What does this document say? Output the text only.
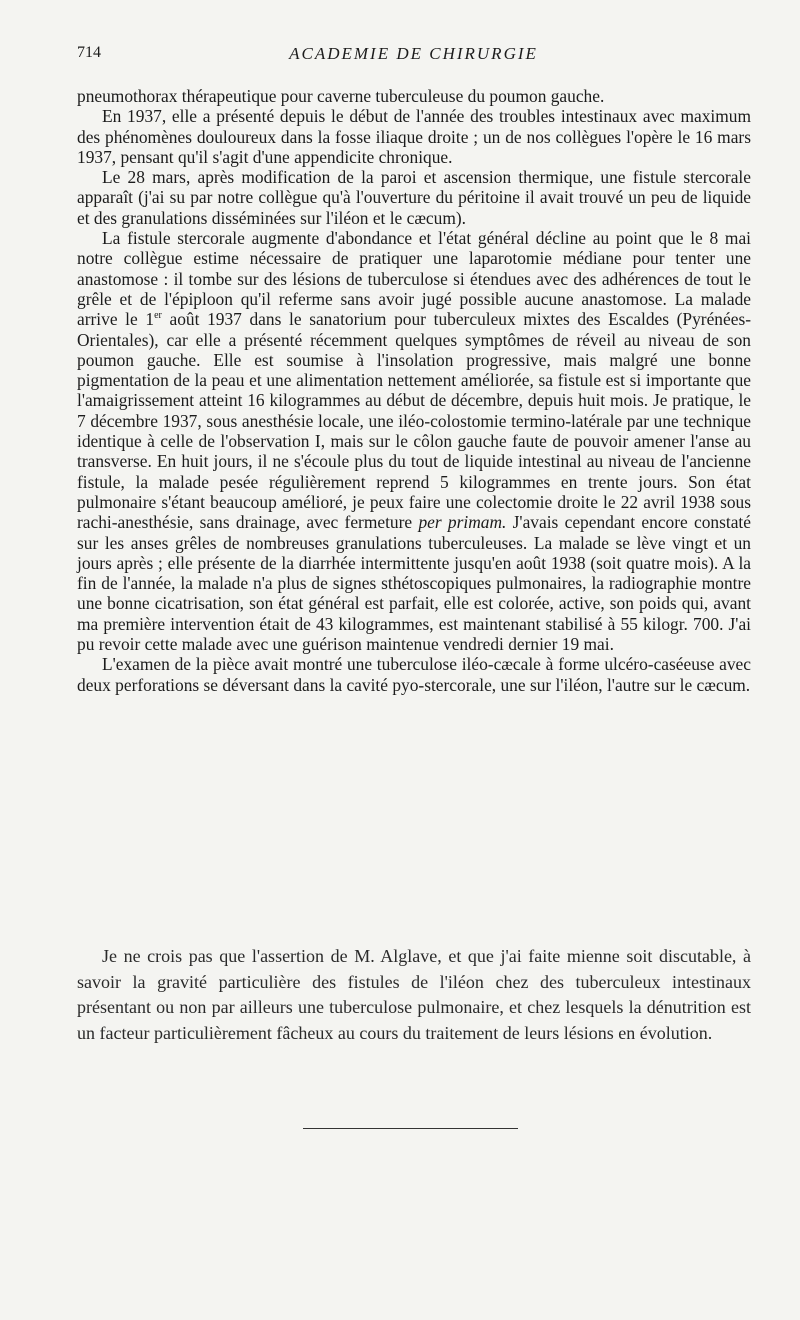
714	ACADEMIE DE CHIRURGIE

pneumothorax thérapeutique pour caverne tuberculeuse du poumon gauche.

En 1937, elle a présenté depuis le début de l'année des troubles intestinaux avec maximum des phénomènes douloureux dans la fosse iliaque droite ; un de nos collègues l'opère le 16 mars 1937, pensant qu'il s'agit d'une appendicite chronique.

Le 28 mars, après modification de la paroi et ascension thermique, une fistule stercorale apparaît (j'ai su par notre collègue qu'à l'ouverture du péritoine il avait trouvé un peu de liquide et des granulations disséminées sur l'iléon et le cæcum).

La fistule stercorale augmente d'abondance et l'état général décline au point que le 8 mai notre collègue estime nécessaire de pratiquer une laparotomie médiane pour tenter une anastomose : il tombe sur des lésions de tuberculose si étendues avec des adhérences de tout le grêle et de l'épiploon qu'il referme sans avoir jugé possible aucune anastomose. La malade arrive le 1er août 1937 dans le sanatorium pour tuberculeux mixtes des Escaldes (Pyrénées-Orientales), car elle a présenté récemment quelques symptômes de réveil au niveau de son poumon gauche. Elle est soumise à l'insolation progressive, mais malgré une bonne pigmentation de la peau et une alimentation nettement améliorée, sa fistule est si importante que l'amaigrissement atteint 16 kilogrammes au début de décembre, depuis huit mois. Je pratique, le 7 décembre 1937, sous anesthésie locale, une iléo-colostomie termino-latérale par une technique identique à celle de l'observation I, mais sur le côlon gauche faute de pouvoir amener l'anse au transverse. En huit jours, il ne s'écoule plus du tout de liquide intestinal au niveau de l'ancienne fistule, la malade pesée régulièrement reprend 5 kilogrammes en trente jours. Son état pulmonaire s'étant beaucoup amélioré, je peux faire une colectomie droite le 22 avril 1938 sous rachi-anesthésie, sans drainage, avec fermeture per primam. J'avais cependant encore constaté sur les anses grêles de nombreuses granulations tuberculeuses. La malade se lève vingt et un jours après ; elle présente de la diarrhée intermittente jusqu'en août 1938 (soit quatre mois). A la fin de l'année, la malade n'a plus de signes sthétoscopiques pulmonaires, la radiographie montre une bonne cicatrisation, son état général est parfait, elle est colorée, active, son poids qui, avant ma première intervention était de 43 kilogrammes, est maintenant stabilisé à 55 kilogr. 700. J'ai pu revoir cette malade avec une guérison maintenue vendredi dernier 19 mai.

L'examen de la pièce avait montré une tuberculose iléo-cæcale à forme ulcéro-caséeuse avec deux perforations se déversant dans la cavité pyo-stercorale, une sur l'iléon, l'autre sur le cæcum.

Je ne crois pas que l'assertion de M. Alglave, et que j'ai faite mienne soit discutable, à savoir la gravité particulière des fistules de l'iléon chez des tuberculeux intestinaux présentant ou non par ailleurs une tuberculose pulmonaire, et chez lesquels la dénutrition est un facteur particulièrement fâcheux au cours du traitement de leurs lésions en évolution.
